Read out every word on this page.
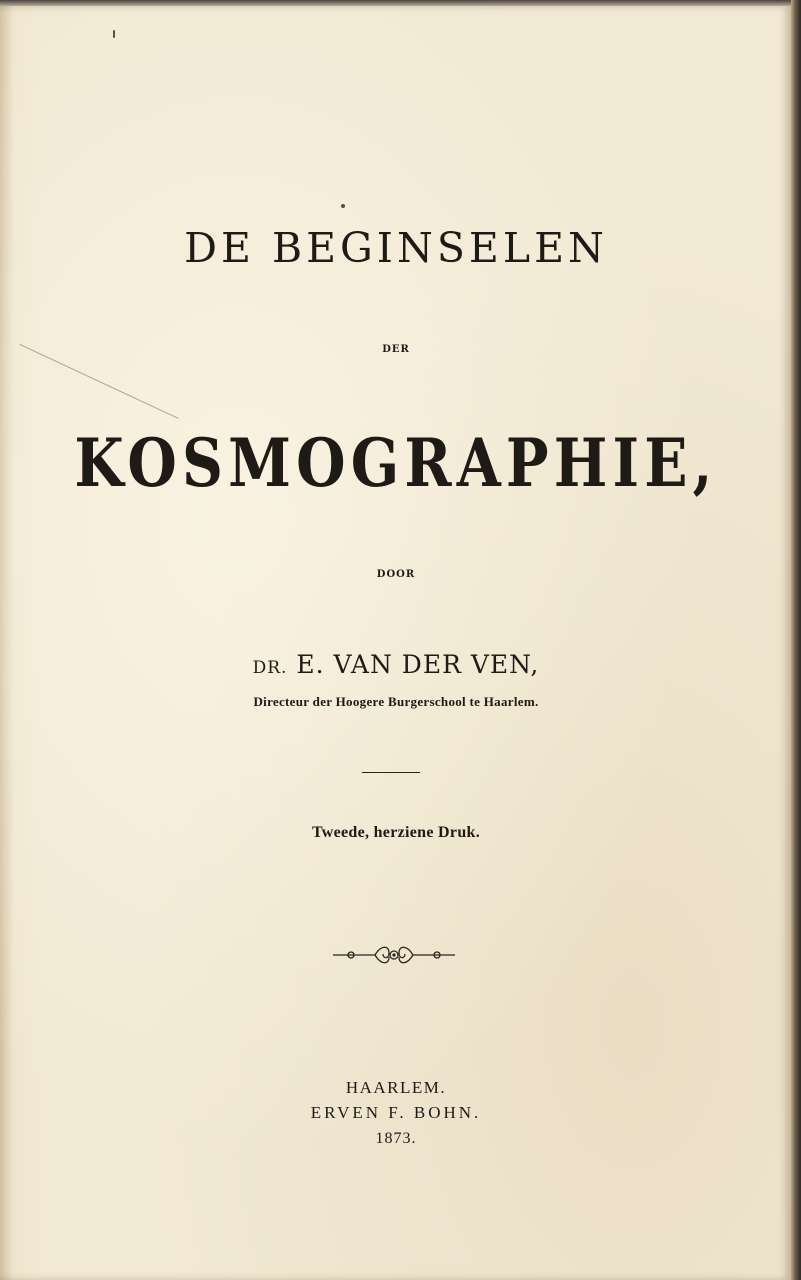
DE BEGINSELEN
DER
KOSMOGRAPHIE,
DOOR
DR. E. VAN DER VEN,
Directeur der Hoogere Burgerschool te Haarlem.
Tweede, herziene Druk.
HAARLEM.
ERVEN F. BOHN.
1873.
